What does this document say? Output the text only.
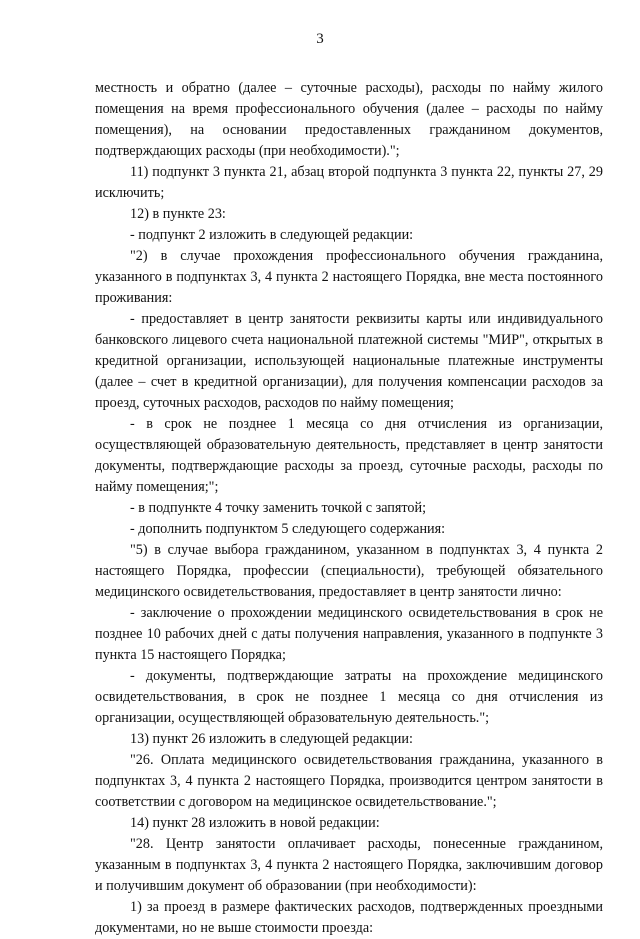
3

местность и обратно (далее – суточные расходы), расходы по найму жилого помещения на время профессионального обучения (далее – расходы по найму помещения), на основании предоставленных гражданином документов, подтверждающих расходы (при необходимости).";

11) подпункт 3 пункта 21, абзац второй подпункта 3 пункта 22, пункты 27, 29 исключить;

12) в пункте 23:

- подпункт 2 изложить в следующей редакции:

"2) в случае прохождения профессионального обучения гражданина, указанного в подпунктах 3, 4 пункта 2 настоящего Порядка, вне места постоянного проживания:

- предоставляет в центр занятости реквизиты карты или индивидуального банковского лицевого счета национальной платежной системы "МИР", открытых в кредитной организации, использующей национальные платежные инструменты (далее – счет в кредитной организации), для получения компенсации расходов за проезд, суточных расходов, расходов по найму помещения;

- в срок не позднее 1 месяца со дня отчисления из организации, осуществляющей образовательную деятельность, представляет в центр занятости документы, подтверждающие расходы за проезд, суточные расходы, расходы по найму помещения;";

- в подпункте 4 точку заменить точкой с запятой;

- дополнить подпунктом 5 следующего содержания:

"5) в случае выбора гражданином, указанном в подпунктах 3, 4 пункта 2 настоящего Порядка, профессии (специальности), требующей обязательного медицинского освидетельствования, предоставляет в центр занятости лично:

- заключение о прохождении медицинского освидетельствования в срок не позднее 10 рабочих дней с даты получения направления, указанного в подпункте 3 пункта 15 настоящего Порядка;

- документы, подтверждающие затраты на прохождение медицинского освидетельствования, в срок не позднее 1 месяца со дня отчисления из организации, осуществляющей образовательную деятельность.";

13) пункт 26 изложить в следующей редакции:

"26. Оплата медицинского освидетельствования гражданина, указанного в подпунктах 3, 4 пункта 2 настоящего Порядка, производится центром занятости в соответствии с договором на медицинское освидетельствование.";

14) пункт 28 изложить в новой редакции:

"28. Центр занятости оплачивает расходы, понесенные гражданином, указанным в подпунктах 3, 4 пункта 2 настоящего Порядка, заключившим договор и получившим документ об образовании (при необходимости):

1) за проезд в размере фактических расходов, подтвержденных проездными документами, но не выше стоимости проезда:
